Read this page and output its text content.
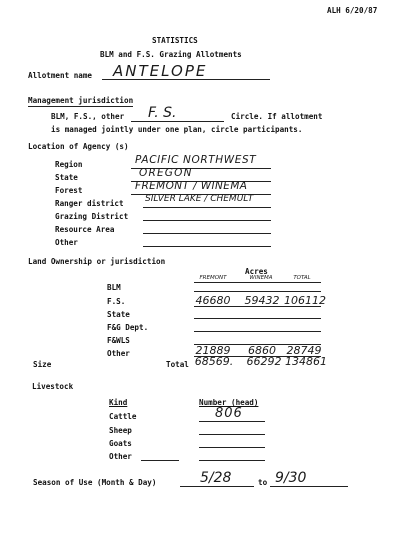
ALH 6/20/87
STATISTICS
BLM and F.S. Grazing Allotments
Allotment name ANTELOPE
Management jurisdiction
BLM, F.S., other F. S.	Circle. If allotment
is managed jointly under one plan, circle participants.
Location of Agency (s)
Region	PACIFIC NORTHWEST
State	OREGON
Forest	FREMONT / WINEMA
Ranger district SILVER LAKE / CHEMULT
Grazing District
Resource Area
Other
Land Ownership or jurisdiction
Acres
FREMONT	WINEMA	TOTAL
BLM
F.S.	46680 59432 106112
State
F&G Dept.
F&WLS
Other	21889	6860 28749
Size	Total 68569. 66292 134861
Livestock
Kind	Number (head)
Cattle	806
Sheep
Goats
Other
Season of Use (Month & Day)	5/28	to 9/30
